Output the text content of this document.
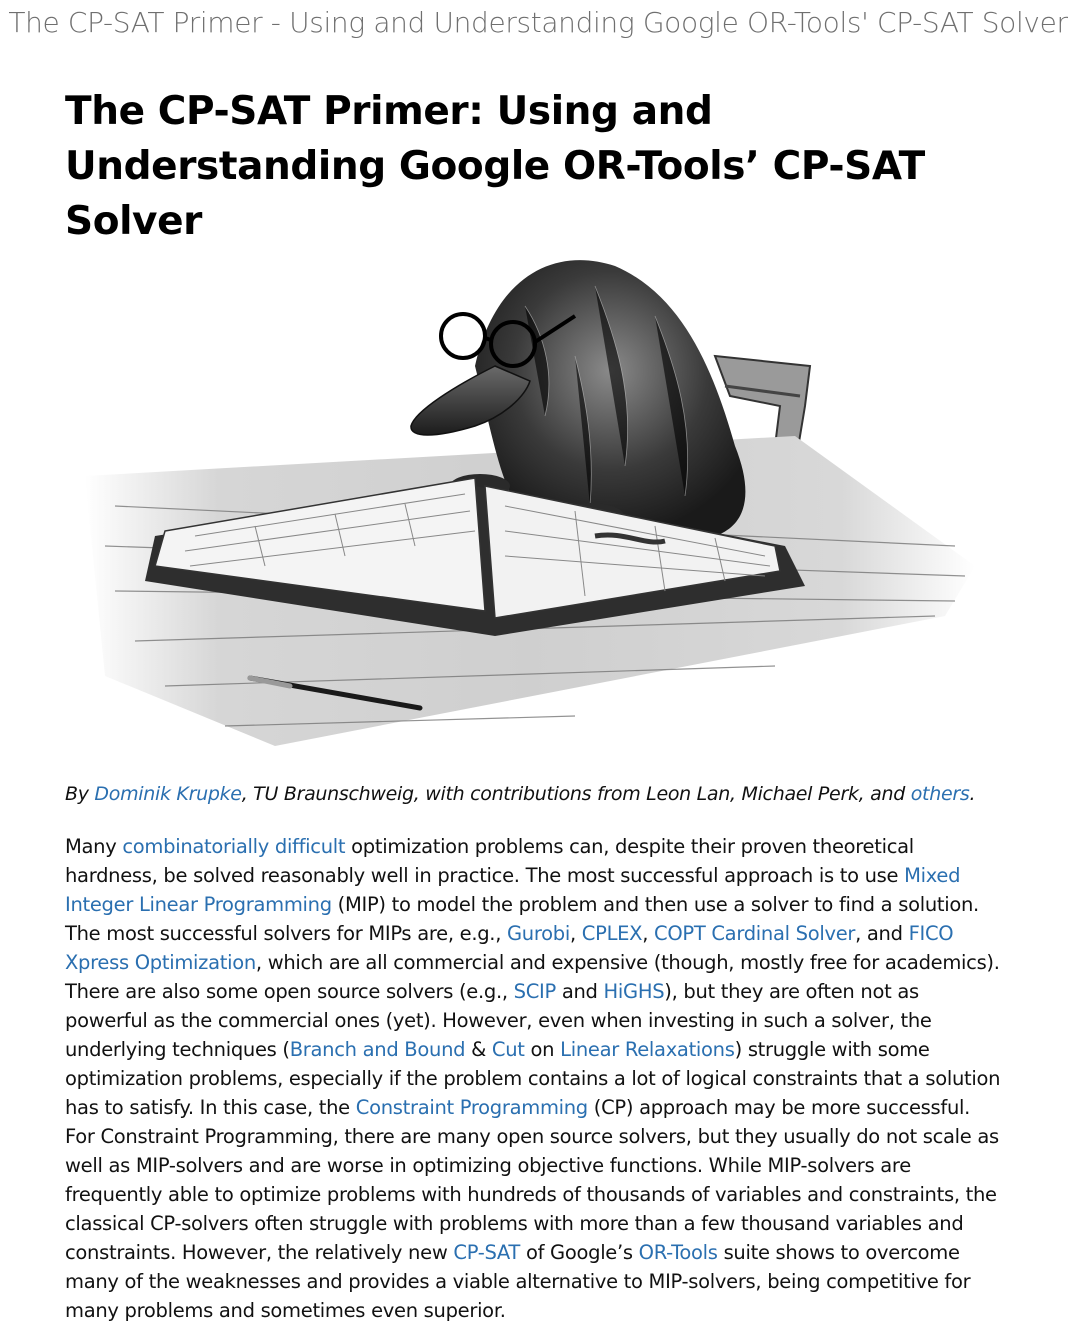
The CP-SAT Primer - Using and Understanding Google OR-Tools' CP-SAT Solver
The CP-SAT Primer: Using and Understanding Google OR-Tools’ CP-SAT Solver
By Dominik Krupke, TU Braunschweig, with contributions from Leon Lan, Michael Perk, and others.

Many combinatorially difficult optimization problems can, despite their proven theoretical hardness, be solved reasonably well in practice. The most successful approach is to use Mixed Integer Linear Programming (MIP) to model the problem and then use a solver to find a solution. The most successful solvers for MIPs are, e.g., Gurobi, CPLEX, COPT Cardinal Solver, and FICO Xpress Optimization, which are all commercial and expensive (though, mostly free for academics). There are also some open source solvers (e.g., SCIP and HiGHS), but they are often not as powerful as the commercial ones (yet). However, even when investing in such a solver, the underlying techniques (Branch and Bound & Cut on Linear Relaxations) struggle with some optimization problems, especially if the problem contains a lot of logical constraints that a solution has to satisfy. In this case, the Constraint Programming (CP) approach may be more successful. For Constraint Programming, there are many open source solvers, but they usually do not scale as well as MIP-solvers and are worse in optimizing objective functions. While MIP-solvers are frequently able to optimize problems with hundreds of thousands of variables and constraints, the classical CP-solvers often struggle with problems with more than a few thousand variables and constraints. However, the relatively new CP-SAT of Google’s OR-Tools suite shows to overcome many of the weaknesses and provides a viable alternative to MIP-solvers, being competitive for many problems and sometimes even superior.
